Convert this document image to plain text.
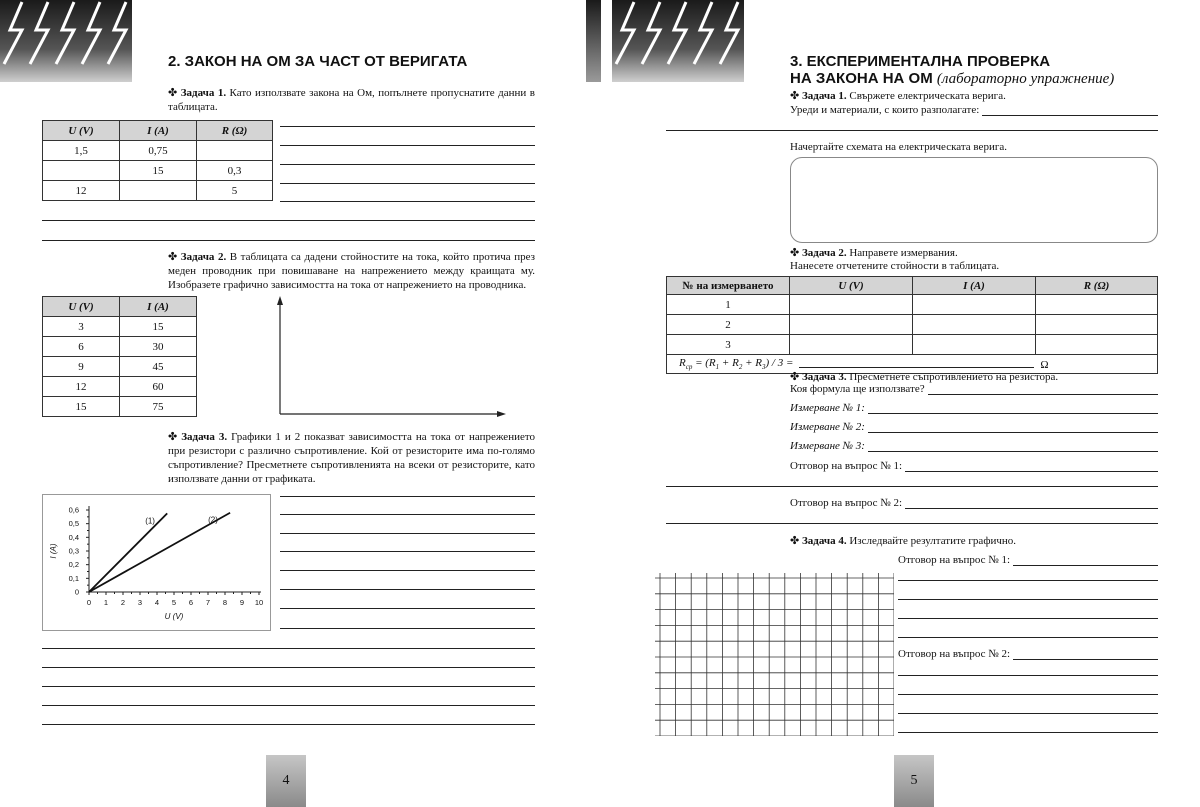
2. ЗАКОН НА ОМ ЗА ЧАСТ ОТ ВЕРИГАТА
✤ Задача 1. Като използвате закона на Ом, попълнете пропуснатите данни в таблицата.
U (V)	I (A)	R (Ω)
1,5	0,75	
	15	0,3
12		5
✤ Задача 2. В таблицата са дадени стойностите на тока, който протича през меден проводник при повишаване на напрежението между краищата му. Изобразете графично зависимостта на тока от напрежението на проводника.
U (V)	I (A)
3	15
6	30
9	45
12	60
15	75
✤ Задача 3. Графики 1 и 2 показват зависимостта на тока от напрежението при резистори с различно съпротивление. Кой от резисторите има по-голямо съпротивление? Пресметнете съпротивленията на всеки от резисторите, като използвате данни от графиката.
0 1 2 3 4 5 6 7 8 9 10
0
0,1
0,2
0,3
0,4
0,5
0,6
U (V)
I (A)
(1)	(2)
4
3. ЕКСПЕРИМЕНТАЛНА ПРОВЕРКА
НА ЗАКОНА НА ОМ (лабораторно упражнение)
✤ Задача 1. Свържете електрическата верига.
Уреди и материали, с които разполагате:
Начертайте схемата на електрическата верига.
✤ Задача 2. Направете измервания.
Нанесете отчетените стойности в таблицата.
№ на измерването	U (V)	I (A)	R (Ω)
1			
2			
3			

$R_{ср} = (R_1 + R_2 + R_3) / 3 = \Omega$			
✤ Задача 3. Пресметнете съпротивлението на резистора.
Коя формула ще използвате?
Измерване № 1:
Измерване № 2:
Измерване № 3:
Отговор на въпрос № 1:
Отговор на въпрос № 2:
✤ Задача 4. Изследвайте резултатите графично.
Отговор на въпрос № 1:
Отговор на въпрос № 2:
5
